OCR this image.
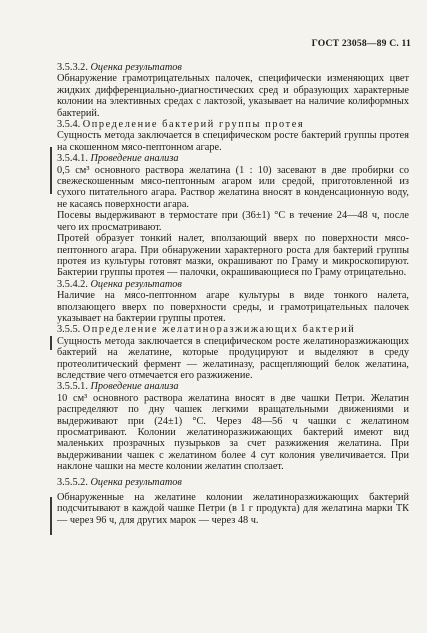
ГОСТ 23058—89 С. 11

3.5.3.2. Оценка результатов

Обнаружение грамотрицательных палочек, специфически изменяющих цвет жидких дифференциально-диагностических сред и образующих характерные колонии на элективных средах с лактозой, указывает на наличие колиформных бактерий.

3.5.4. Определение бактерий группы протея

Сущность метода заключается в специфическом росте бактерий группы протея на скошенном мясо-пептонном агаре.

3.5.4.1. Проведение анализа

0,5 см³ основного раствора желатина (1 : 10) засевают в две пробирки со свежескошенным мясо-пептонным агаром или средой, приготовленной из сухого питательного агара. Раствор желатина вносят в конденсационную воду, не касаясь поверхности агара.

Посевы выдерживают в термостате при (36±1) °С в течение 24—48 ч, после чего их просматривают.

Протей образует тонкий налет, вползающий вверх по поверхности мясо-пептонного агара. При обнаружении характерного роста для бактерий группы протея из культуры готовят мазки, окрашивают по Граму и микроскопируют. Бактерии группы протея — палочки, окрашивающиеся по Граму отрицательно.

3.5.4.2. Оценка результатов

Наличие на мясо-пептонном агаре культуры в виде тонкого налета, вползающего вверх по поверхности среды, и грамотрицательных палочек указывает на бактерии группы протея.

3.5.5. Определение желатиноразжижающих бактерий

Сущность метода заключается в специфическом росте желатиноразжижающих бактерий на желатине, которые продуцируют и выделяют в среду протеолитический фермент — желатиназу, расщепляющий белок желатина, вследствие чего отмечается его разжижение.

3.5.5.1. Проведение анализа

10 см³ основного раствора желатина вносят в две чашки Петри. Желатин распределяют по дну чашек легкими вращательными движениями и выдерживают при (24±1) °С. Через 48—56 ч чашки с желатином просматривают. Колонии желатиноразжижающих бактерий имеют вид маленьких прозрачных пузырьков за счет разжижения желатина. При выдерживании чашек с желатином более 4 сут колония увеличивается. При наклоне чашки на месте колонии желатин сползает.

3.5.5.2. Оценка результатов

Обнаруженные на желатине колонии желатиноразжижающих бактерий подсчитывают в каждой чашке Петри (в 1 г продукта) для желатина марки ТК — через 96 ч, для других марок — через 48 ч.
